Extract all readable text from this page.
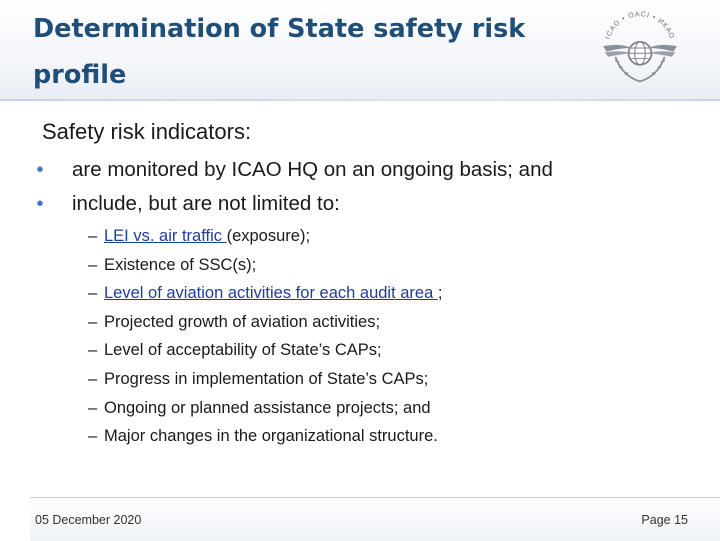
Determination of State safety risk profile
ICAO • OACI • ИКАО
Safety risk indicators:
•	are monitored by ICAO HQ on an ongoing basis; and
•	include, but are not limited to:
– LEI vs. air traffic (exposure);
– Existence of SSC(s);
– Level of aviation activities for each audit area ;
– Projected growth of aviation activities;
– Level of acceptability of State’s CAPs;
– Progress in implementation of State’s CAPs;
– Ongoing or planned assistance projects; and
– Major changes in the organizational structure.
05 December 2020	Page 15
